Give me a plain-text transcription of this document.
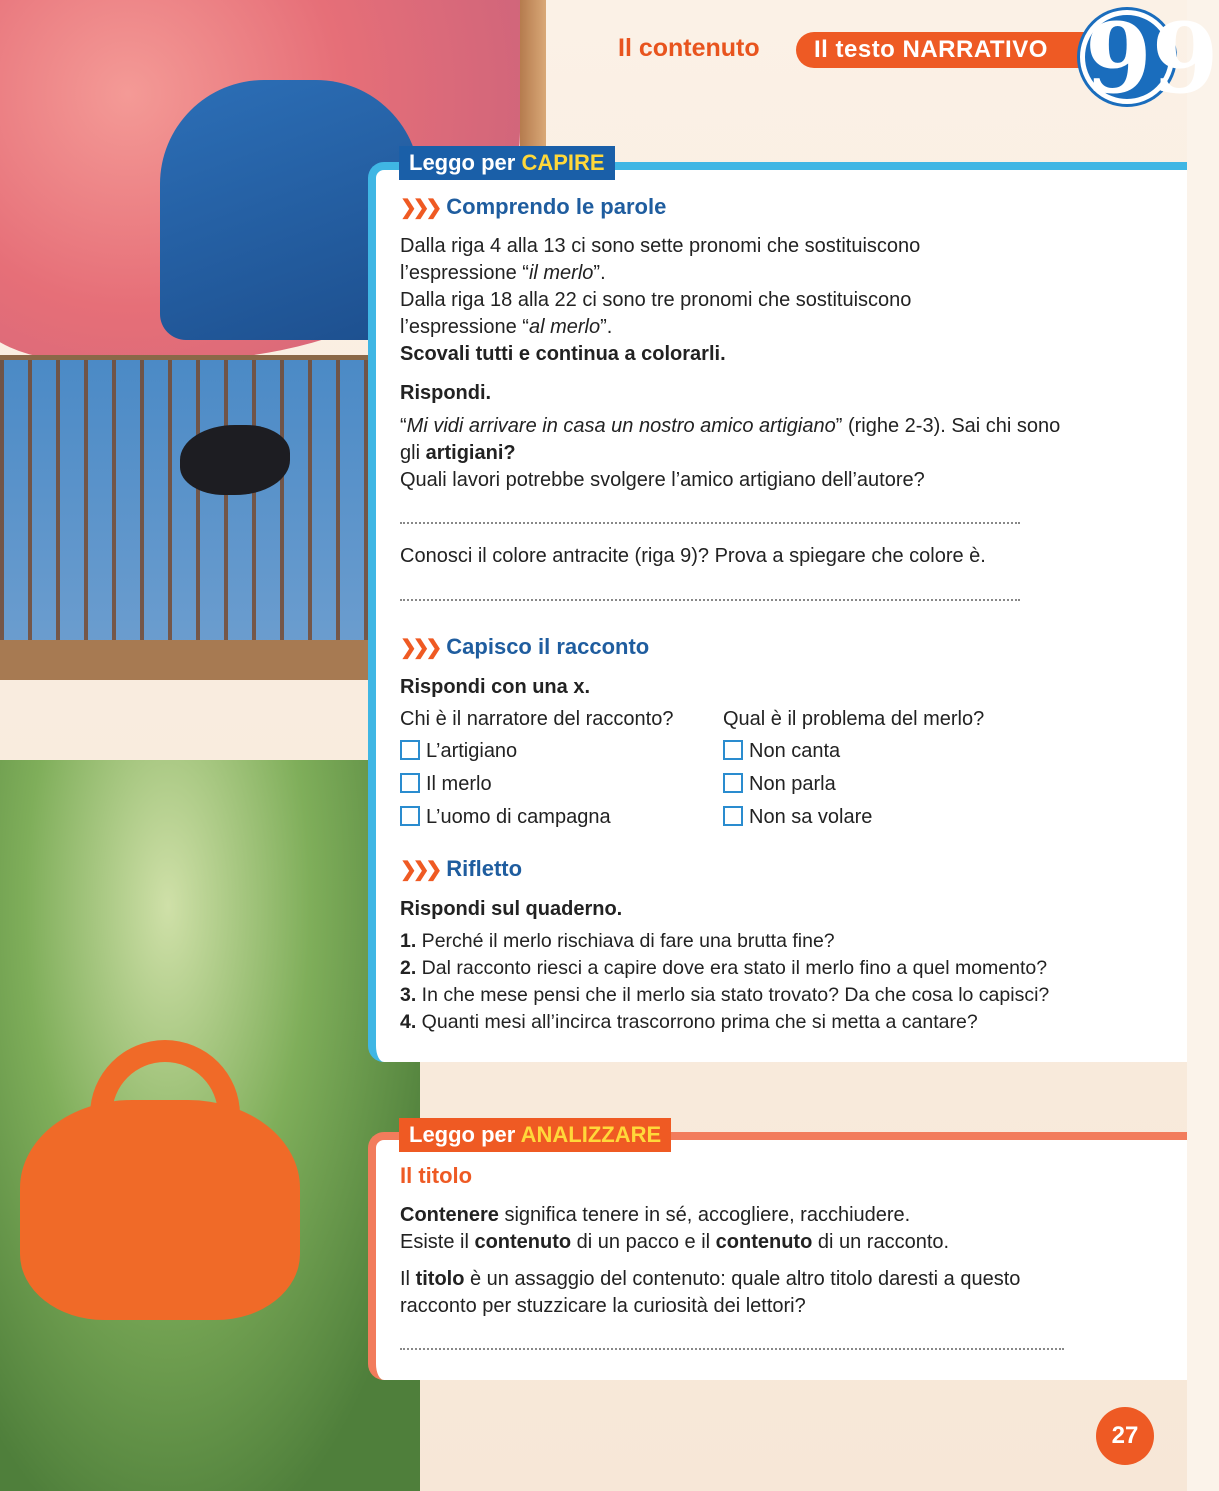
Il contenuto Il testo NARRATIVO 99
Leggo per CAPIRE
❯❯❯ Comprendo le parole
Dalla riga 4 alla 13 ci sono sette pronomi che sostituiscono
l’espressione “il merlo”.
Dalla riga 18 alla 22 ci sono tre pronomi che sostituiscono
l’espressione “al merlo”.
Scovali tutti e continua a colorarli.
Rispondi.
“Mi vidi arrivare in casa un nostro amico artigiano” (righe 2-3). Sai chi sono
gli artigiani?
Quali lavori potrebbe svolgere l’amico artigiano dell’autore?
Conosci il colore antracite (riga 9)? Prova a spiegare che colore è.
❯❯❯ Capisco il racconto
Rispondi con una x.
Chi è il narratore del racconto?
L’artigiano
Il merlo
L’uomo di campagna
Qual è il problema del merlo?
Non canta
Non parla
Non sa volare
❯❯❯ Rifletto
Rispondi sul quaderno.
1. Perché il merlo rischiava di fare una brutta fine?
2. Dal racconto riesci a capire dove era stato il merlo fino a quel momento?
3. In che mese pensi che il merlo sia stato trovato? Da che cosa lo capisci?
4. Quanti mesi all’incirca trascorrono prima che si metta a cantare?
Leggo per ANALIZZARE
Il titolo
Contenere significa tenere in sé, accogliere, racchiudere.
Esiste il contenuto di un pacco e il contenuto di un racconto.
Il titolo è un assaggio del contenuto: quale altro titolo daresti a questo
racconto per stuzzicare la curiosità dei lettori?
27
